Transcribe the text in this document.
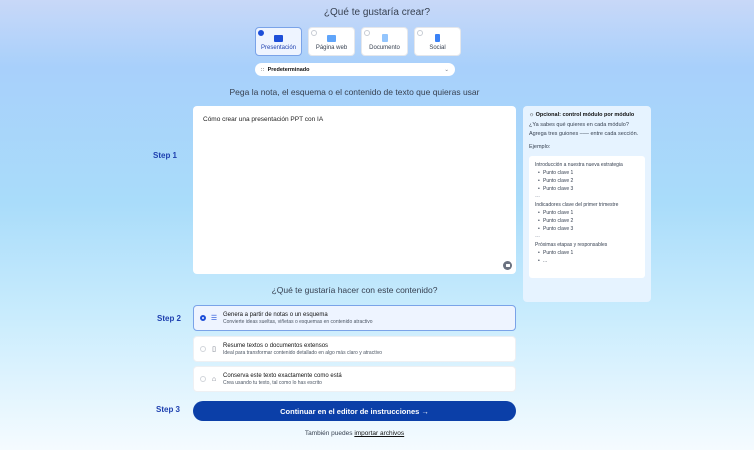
¿Qué te gustaría crear?
Presentación	Página web	Documento	Social
:: Predeterminado	⌄
Pega la nota, el esquema o el contenido de texto que quieras usar
Step 1
Cómo crear una presentación PPT con IA
☼ Opcional: control módulo por módulo
¿Ya sabes qué quieres en cada módulo? Agrega tres guiones ––– entre cada sección.
Ejemplo:
Introducción a nuestra nueva estrategia
• Punto clave 1
• Punto clave 2
• Punto clave 3
---
Indicadores clave del primer trimestre
• Punto clave 1
• Punto clave 2
• Punto clave 3
---
Próximas etapas y responsables
• Punto clave 1
• ...
¿Qué te gustaría hacer con este contenido?
Step 2	☰ Genera a partir de notas o un esquema
Convierte ideas sueltas, viñetas o esquemas en contenido atractivo
▯	Resume textos o documentos extensos
Ideal para transformar contenido detallado en algo más claro y atractivo
⌂	Conserva este texto exactamente como está
Crea usando tu texto, tal como lo has escrito
Step 3	Continuar en el editor de instrucciones →
También puedes importar archivos
